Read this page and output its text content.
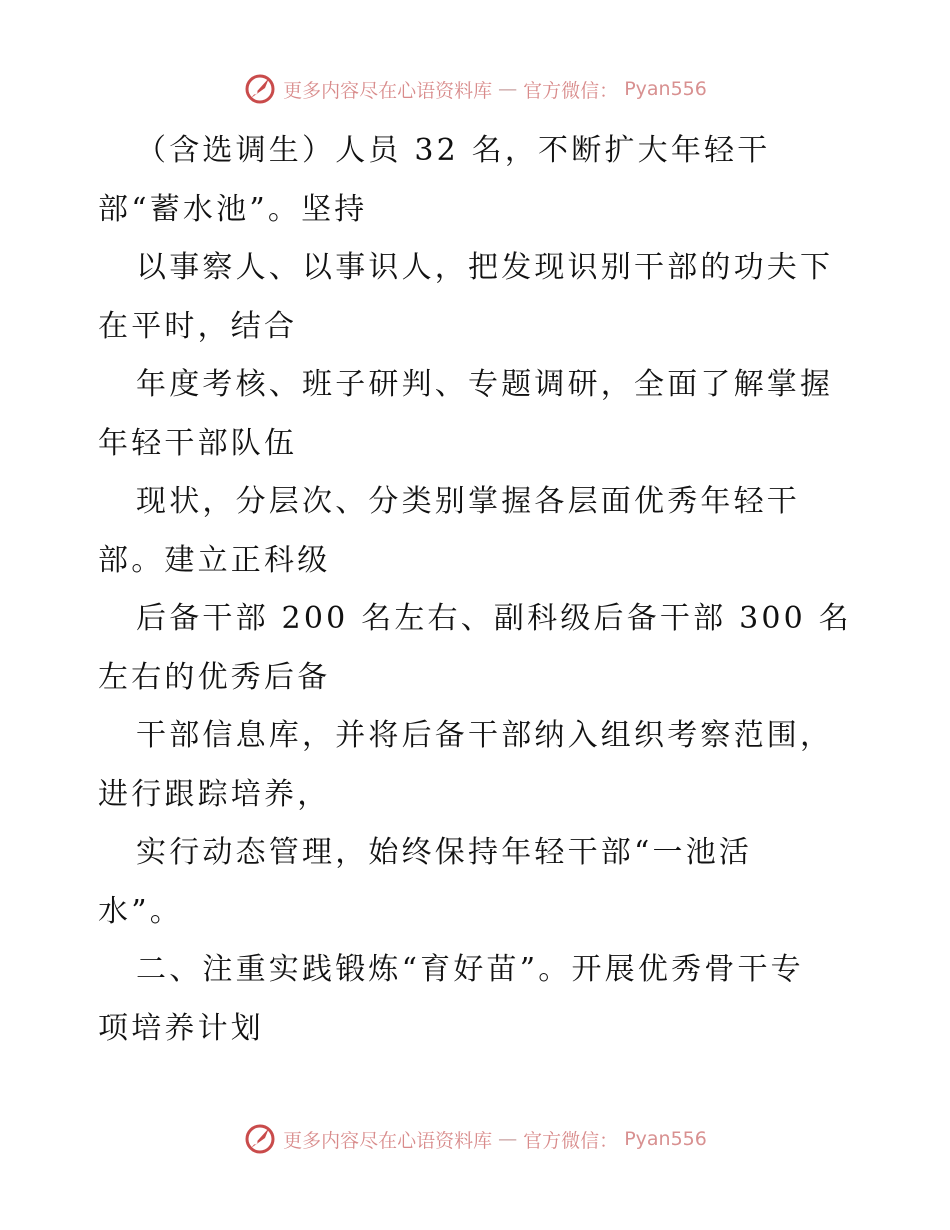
更多内容尽在心语资料库 — 官方微信： Pyan556
（含选调生）人员 32 名，不断扩大年轻干
部“蓄水池”。坚持
以事察人、以事识人，把发现识别干部的功夫下
在平时，结合
年度考核、班子研判、专题调研，全面了解掌握
年轻干部队伍
现状，分层次、分类别掌握各层面优秀年轻干
部。建立正科级
后备干部 200 名左右、副科级后备干部 300 名
左右的优秀后备
干部信息库，并将后备干部纳入组织考察范围，
进行跟踪培养，
实行动态管理，始终保持年轻干部“一池活
水”。
二、注重实践锻炼“育好苗”。开展优秀骨干专
项培养计划
更多内容尽在心语资料库 — 官方微信： Pyan556
